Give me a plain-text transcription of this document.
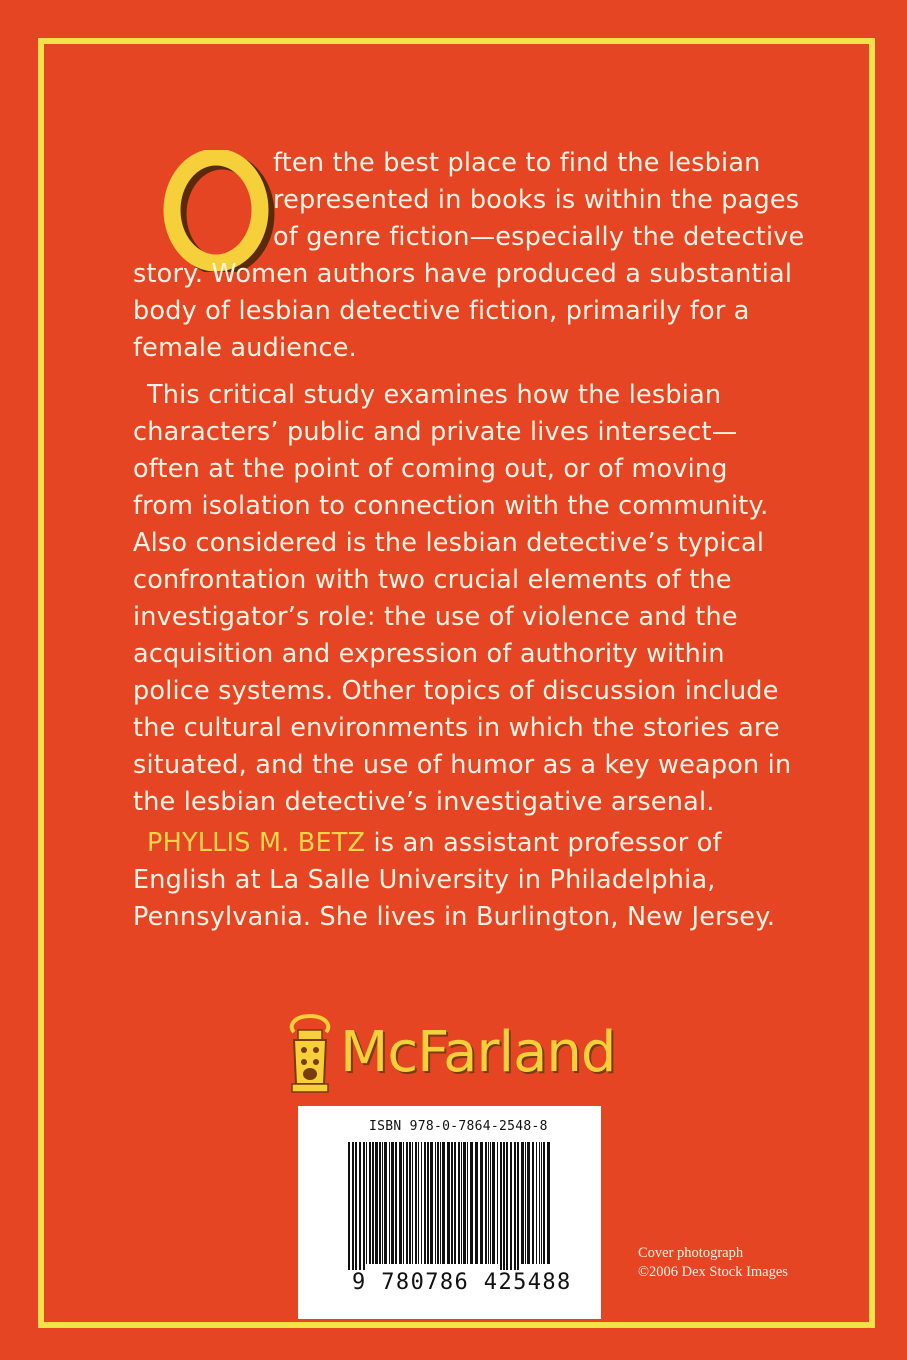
ften the best place to find the lesbian
represented in books is within the pages
of genre fiction—especially the detective
story. Women authors have produced a substantial
body of lesbian detective fiction, primarily for a
female audience.
This critical study examines how the lesbian
characters’ public and private lives intersect—
often at the point of coming out, or of moving
from isolation to connection with the community.
Also considered is the lesbian detective’s typical
confrontation with two crucial elements of the
investigator’s role: the use of violence and the
acquisition and expression of authority within
police systems. Other topics of discussion include
the cultural environments in which the stories are
situated, and the use of humor as a key weapon in
the lesbian detective’s investigative arsenal.
PHYLLIS M. BETZ is an assistant professor of
English at La Salle University in Philadelphia,
Pennsylvania. She lives in Burlington, New Jersey.
McFarland
ISBN 978-0-7864-2548-8
9 780786 425488
Cover photograph
©2006 Dex Stock Images
